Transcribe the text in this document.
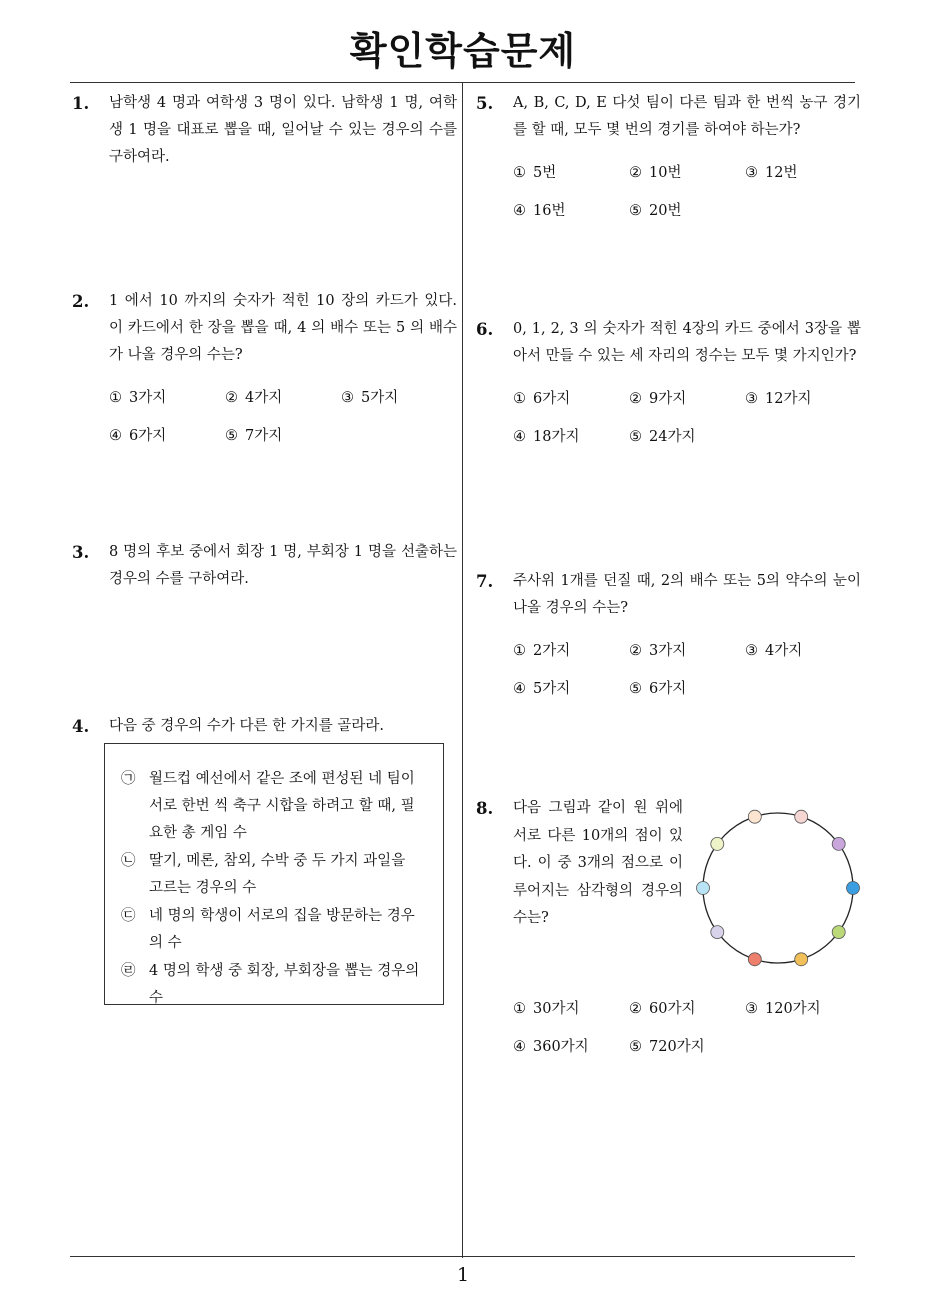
확인학습문제
1
1. 남학생 4 명과 여학생 3 명이 있다. 남학생 1 명, 여학생 1 명을 대표로 뽑을 때, 일어날 수 있는 경우의 수를 구하여라.
2. 1 에서 10 까지의 숫자가 적힌 10 장의 카드가 있다. 이 카드에서 한 장을 뽑을 때, 4 의 배수 또는 5 의 배수가 나올 경우의 수는?
① 3가지	② 4가지	③ 5가지
④ 6가지	⑤ 7가지
3. 8 명의 후보 중에서 회장 1 명, 부회장 1 명을 선출하는 경우의 수를 구하여라.
4. 다음 중 경우의 수가 다른 한 가지를 골라라.
㉠ 월드컵 예선에서 같은 조에 편성된 네 팀이 서로 한번 씩 축구 시합을 하려고 할 때, 필요한 총 게임 수
㉡ 딸기, 메론, 참외, 수박 중 두 가지 과일을 고르는 경우의 수
㉢ 네 명의 학생이 서로의 집을 방문하는 경우의 수
㉣ 4 명의 학생 중 회장, 부회장을 뽑는 경우의 수
5. A, B, C, D, E 다섯 팀이 다른 팀과 한 번씩 농구 경기를 할 때, 모두 몇 번의 경기를 하여야 하는가?
① 5번	② 10번	③ 12번
④ 16번	⑤ 20번
6. 0, 1, 2, 3 의 숫자가 적힌 4장의 카드 중에서 3장을 뽑아서 만들 수 있는 세 자리의 정수는 모두 몇 가지인가?
① 6가지	② 9가지	③ 12가지
④ 18가지	⑤ 24가지
7. 주사위 1개를 던질 때, 2의 배수 또는 5의 약수의 눈이 나올 경우의 수는?
① 2가지	② 3가지	③ 4가지
④ 5가지	⑤ 6가지
8. 다음 그림과 같이 원 위에 서로 다른 10개의 점이 있다. 이 중 3개의 점으로 이루어지는 삼각형의 경우의 수는?
① 30가지	② 60가지	③ 120가지
④ 360가지	⑤ 720가지
